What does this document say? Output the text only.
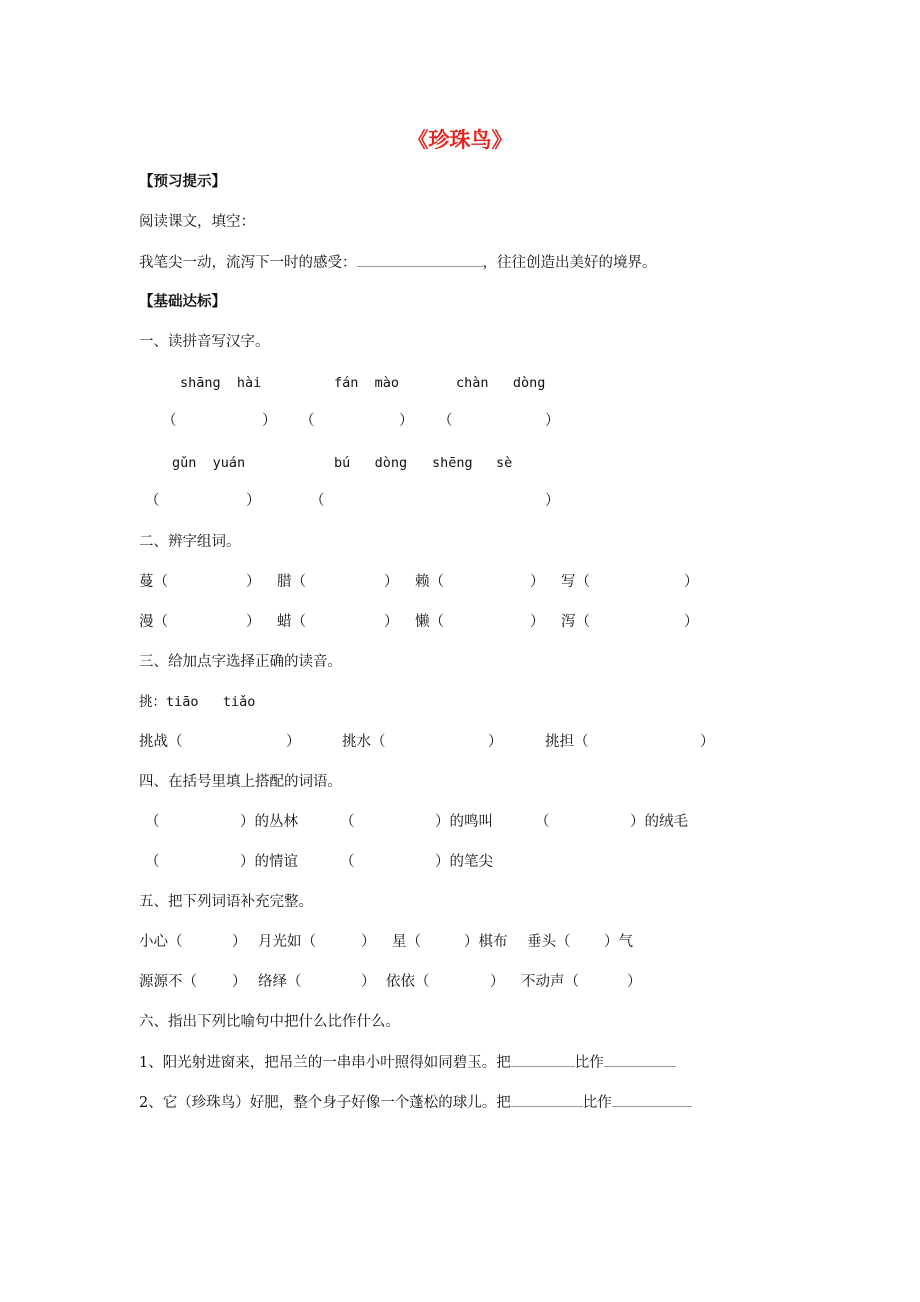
《珍珠鸟》
【预习提示】
阅读课文，填空：
我笔尖一动，流泻下一时的感受：	，往往创造出美好的境界。
【基础达标】
一、读拼音写汉字。
shāng  hài	fán  mào	chàn   dòng
（	） （	） （	）
gǔn  yuán	bú   dòng shēng sè
（	）	（	）
二、辨字组词。
蔓（	） 腊（	） 赖（	） 写（	）
漫（	） 蜡（	） 懒（	） 泻（	）
三、给加点字选择正确的读音。
挑：tiāo   tiǎo
挑战（	）	挑水（	）	挑担（	）
四、在括号里填上搭配的词语。
（	）的丛林	（	）的鸣叫	（	）的绒毛
（	）的情谊	（	）的笔尖
五、把下列词语补充完整。
小心（	） 月光如（	） 星（	）棋布 垂头（ ）气
源源不（ ） 络绎（	） 依依（	） 不动声（	）
六、指出下列比喻句中把什么比作什么。
1、阳光射进窗来，把吊兰的一串串小叶照得如同碧玉。把	比作
2、它（珍珠鸟）好肥，整个身子好像一个蓬松的球儿。把	比作
